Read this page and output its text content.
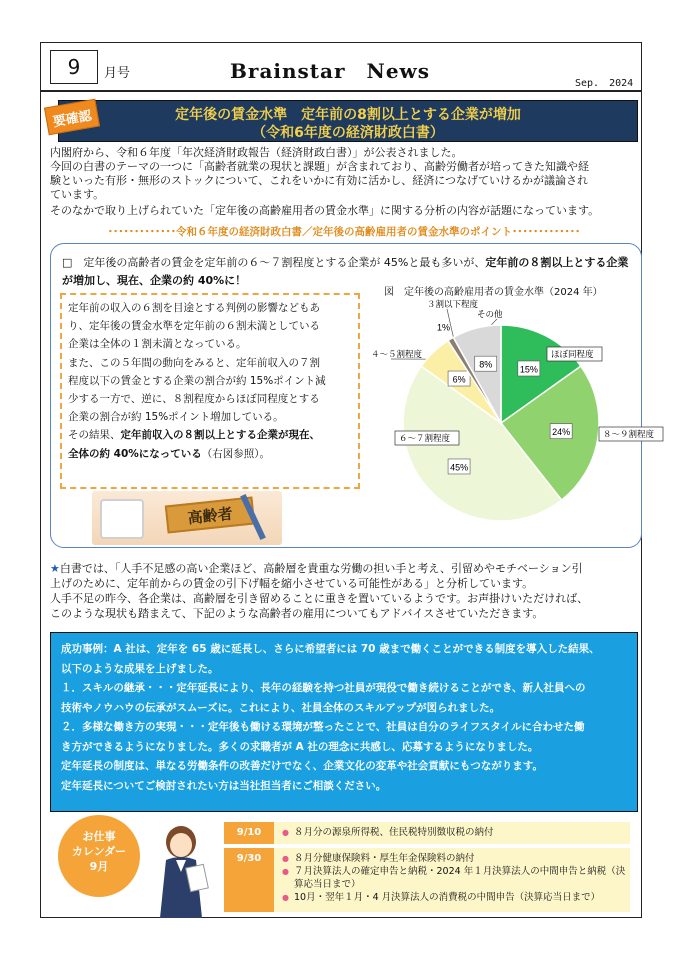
9 月号	Brainstar　News
Sep.　2024
定年後の賃金水準　定年前の8割以上とする企業が増加
（令和6年度の経済財政白書）
要確認
内閣府から、令和６年度「年次経済財政報告（経済財政白書）」が公表されました。
今回の白書のテーマの一つに「高齢者就業の現状と課題」が含まれており、高齢労働者が培ってきた知識や経
験といった有形・無形のストックについて、これをいかに有効に活かし、経済につなげていけるかが議論され
ています。
そのなかで取り上げられていた「定年後の高齢雇用者の賃金水準」に関する分析の内容が話題になっています。
･････････････令和６年度の経済財政白書／定年後の高齢雇用者の賃金水準のポイント･････････････
□　定年後の高齢者の賃金を定年前の６～７割程度とする企業が 45%と最も多いが、定年前の８割以上とする企業が増加し、現在、企業の約 40%に！
定年前の収入の６割を目途とする判例の影響などもあ
り、定年後の賃金水準を定年前の６割未満としている
企業は全体の１割未満となっている。
また、この５年間の動向をみると、定年前収入の７割
程度以下の賃金とする企業の割合が約 15%ポイント減
少する一方で、逆に、８割程度からほぼ同程度とする
企業の割合が約 15%ポイント増加している。
その結果、定年前収入の８割以上とする企業が現在、
全体の約 40%になっている（右図参照）。
高齢者
図　定年後の高齢雇用者の賃金水準（2024 年）
15%
ほぼ同程度
24%	８～９割程度
45%
６～７割程度
6%
４～５割程度
1%
３割以下程度
8%
その他
★白書では、「人手不足感の高い企業ほど、高齢層を貴重な労働の担い手と考え、引留めやモチベーション引
上げのために、定年前からの賃金の引下げ幅を縮小させている可能性がある」と分析しています。
人手不足の昨今、各企業は、高齢層を引き留めることに重きを置いているようです。お声掛けいただければ、
このような現状も踏まえて、下記のような高齢者の雇用についてもアドバイスさせていただきます。
成功事例：A 社は、定年を 65 歳に延長し、さらに希望者には 70 歳まで働くことができる制度を導入した結果、
以下のような成果を上げました。
１．スキルの継承・・・定年延長により、長年の経験を持つ社員が現役で働き続けることができ、新人社員への
技術やノウハウの伝承がスムーズに。これにより、社員全体のスキルアップが図られました。
２．多様な働き方の実現・・・定年後も働ける環境が整ったことで、社員は自分のライフスタイルに合わせた働
き方ができるようになりました。多くの求職者が A 社の理念に共感し、応募するようになりました。
定年延長の制度は、単なる労働条件の改善だけでなく、企業文化の変革や社会貢献にもつながります。
定年延長についてご検討されたい方は当社担当者にご相談ください。
お仕事
カレンダー
9月
9/10	● ８月分の源泉所得税、住民税特別徴収税の納付
9/30	● ８月分健康保険料・厚生年金保険料の納付
● ７月決算法人の確定申告と納税・2024 年１月決算法人の中間申告と納税（決算応当日まで）
● 10月・翌年１月・4 月決算法人の消費税の中間申告（決算応当日まで）
